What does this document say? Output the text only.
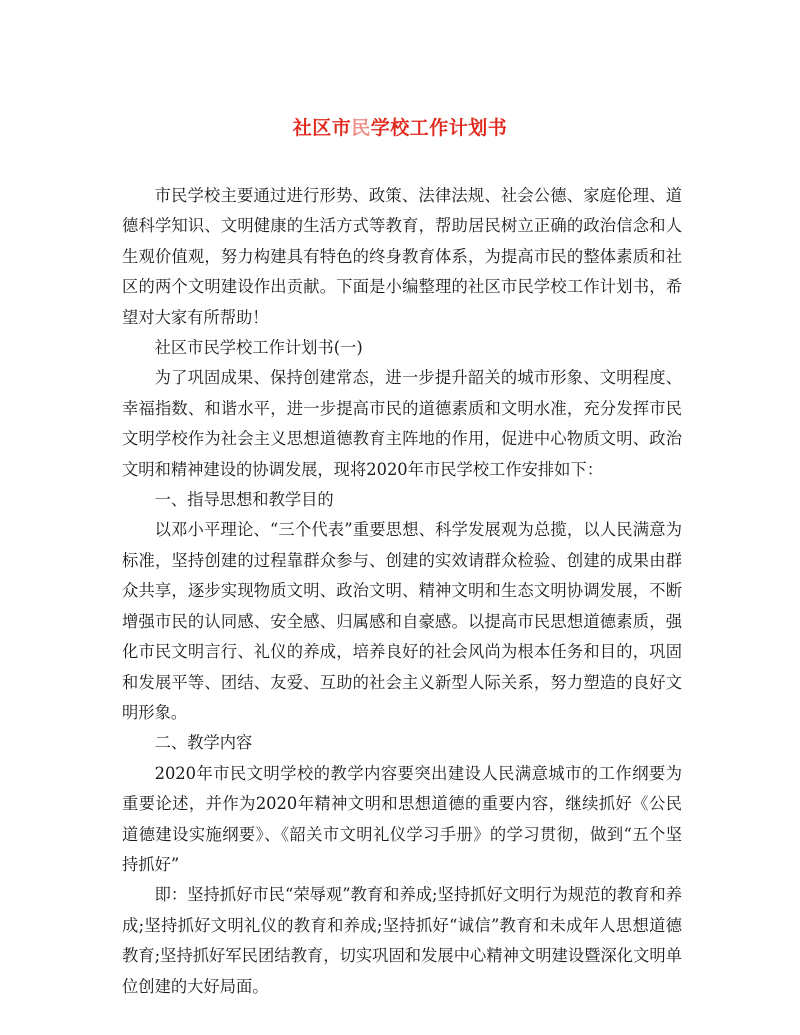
社区市民学校工作计划书

市民学校主要通过进行形势、政策、法律法规、社会公德、家庭伦理、道德科学知识、文明健康的生活方式等教育，帮助居民树立正确的政治信念和人生观价值观，努力构建具有特色的终身教育体系，为提高市民的整体素质和社区的两个文明建设作出贡献。下面是小编整理的社区市民学校工作计划书，希望对大家有所帮助！

社区市民学校工作计划书(一)

为了巩固成果、保持创建常态，进一步提升韶关的城市形象、文明程度、幸福指数、和谐水平，进一步提高市民的道德素质和文明水准，充分发挥市民文明学校作为社会主义思想道德教育主阵地的作用，促进中心物质文明、政治文明和精神建设的协调发展，现将2020年市民学校工作安排如下：

一、指导思想和教学目的

以邓小平理论、“三个代表”重要思想、科学发展观为总揽，以人民满意为标准，坚持创建的过程靠群众参与、创建的实效请群众检验、创建的成果由群众共享，逐步实现物质文明、政治文明、精神文明和生态文明协调发展，不断增强市民的认同感、安全感、归属感和自豪感。以提高市民思想道德素质，强化市民文明言行、礼仪的养成，培养良好的社会风尚为根本任务和目的，巩固和发展平等、团结、友爱、互助的社会主义新型人际关系，努力塑造的良好文明形象。

二、教学内容

2020年市民文明学校的教学内容要突出建设人民满意城市的工作纲要为重要论述，并作为2020年精神文明和思想道德的重要内容，继续抓好《公民道德建设实施纲要》、《韶关市文明礼仪学习手册》的学习贯彻，做到“五个坚持抓好”

即：坚持抓好市民“荣辱观”教育和养成;坚持抓好文明行为规范的教育和养成;坚持抓好文明礼仪的教育和养成;坚持抓好“诚信”教育和未成年人思想道德教育;坚持抓好军民团结教育，切实巩固和发展中心精神文明建设暨深化文明单位创建的大好局面。
